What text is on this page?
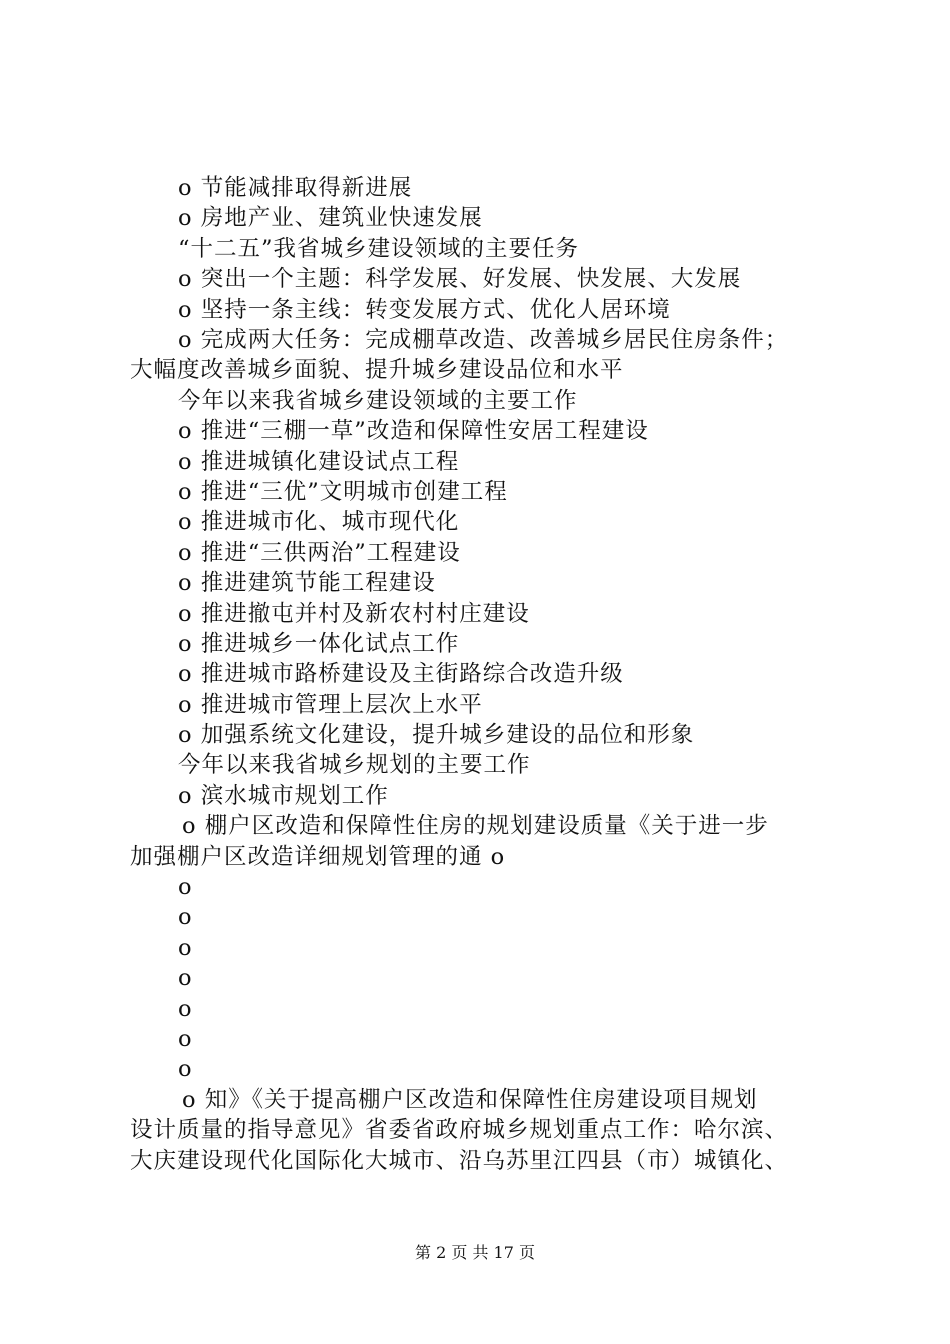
o 节能减排取得新进展
o 房地产业、建筑业快速发展
“十二五”我省城乡建设领域的主要任务
o 突出一个主题：科学发展、好发展、快发展、大发展
o 坚持一条主线：转变发展方式、优化人居环境
o 完成两大任务：完成棚草改造、改善城乡居民住房条件；
大幅度改善城乡面貌、提升城乡建设品位和水平
今年以来我省城乡建设领域的主要工作
o 推进“三棚一草”改造和保障性安居工程建设
o 推进城镇化建设试点工程
o 推进“三优”文明城市创建工程
o 推进城市化、城市现代化
o 推进“三供两治”工程建设
o 推进建筑节能工程建设
o 推进撤屯并村及新农村村庄建设
o 推进城乡一体化试点工作
o 推进城市路桥建设及主街路综合改造升级
o 推进城市管理上层次上水平
o 加强系统文化建设，提升城乡建设的品位和形象
今年以来我省城乡规划的主要工作
o 滨水城市规划工作
o 棚户区改造和保障性住房的规划建设质量《关于进一步
加强棚户区改造详细规划管理的通 o
o
o
o
o
o
o
o
o 知》《关于提高棚户区改造和保障性住房建设项目规划
设计质量的指导意见》省委省政府城乡规划重点工作：哈尔滨、
大庆建设现代化国际化大城市、沿乌苏里江四县（市）城镇化、
第 2 页 共 17 页
